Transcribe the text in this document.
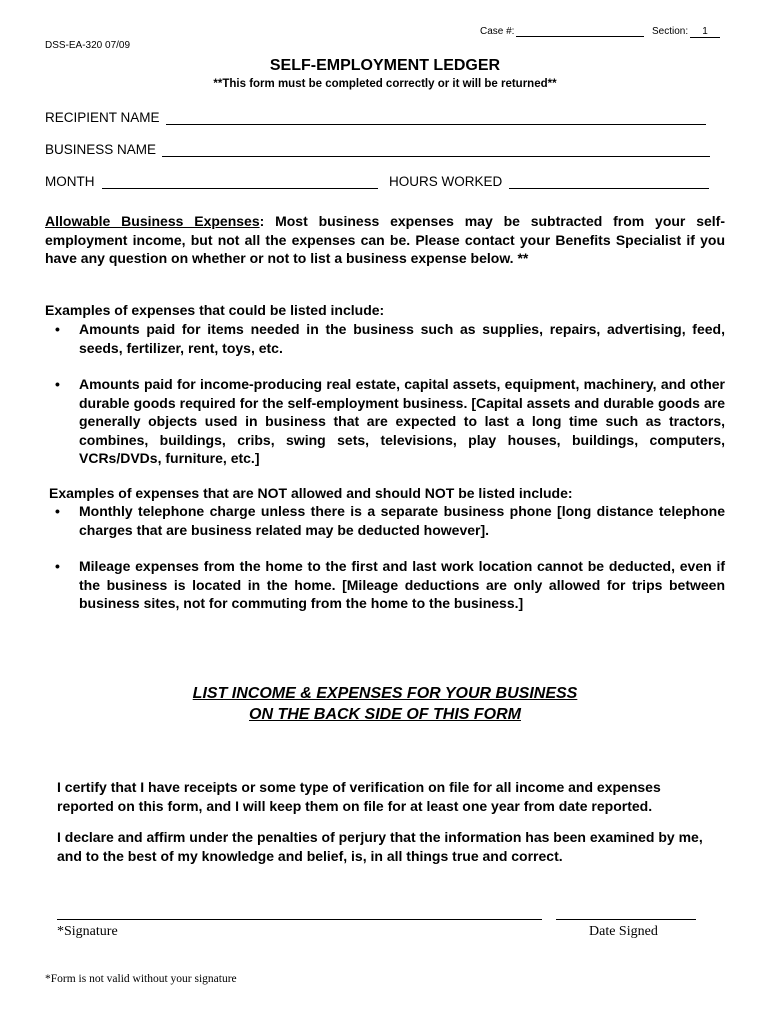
Case #:	Section:	1
DSS-EA-320 07/09
SELF-EMPLOYMENT LEDGER
**This form must be completed correctly or it will be returned**
RECIPIENT NAME
BUSINESS NAME
MONTH	HOURS WORKED
Allowable Business Expenses: Most business expenses may be subtracted from your self-employment income, but not all the expenses can be. Please contact your Benefits Specialist if you have any question on whether or not to list a business expense below. **
Examples of expenses that could be listed include:
• Amounts paid for items needed in the business such as supplies, repairs, advertising, feed, seeds, fertilizer, rent, toys, etc.
• Amounts paid for income-producing real estate, capital assets, equipment, machinery, and other durable goods required for the self-employment business. [Capital assets and durable goods are generally objects used in business that are expected to last a long time such as tractors, combines, buildings, cribs, swing sets, televisions, play houses, buildings, computers, VCRs/DVDs, furniture, etc.]
Examples of expenses that are NOT allowed and should NOT be listed include:
• Monthly telephone charge unless there is a separate business phone [long distance telephone charges that are business related may be deducted however].
• Mileage expenses from the home to the first and last work location cannot be deducted, even if the business is located in the home. [Mileage deductions are only allowed for trips between business sites, not for commuting from the home to the business.]
LIST INCOME & EXPENSES FOR YOUR BUSINESS
ON THE BACK SIDE OF THIS FORM
I certify that I have receipts or some type of verification on file for all income and expenses reported on this form, and I will keep them on file for at least one year from date reported.
I declare and affirm under the penalties of perjury that the information has been examined by me, and to the best of my knowledge and belief, is, in all things true and correct.
*Signature	Date Signed
*Form is not valid without your signature
